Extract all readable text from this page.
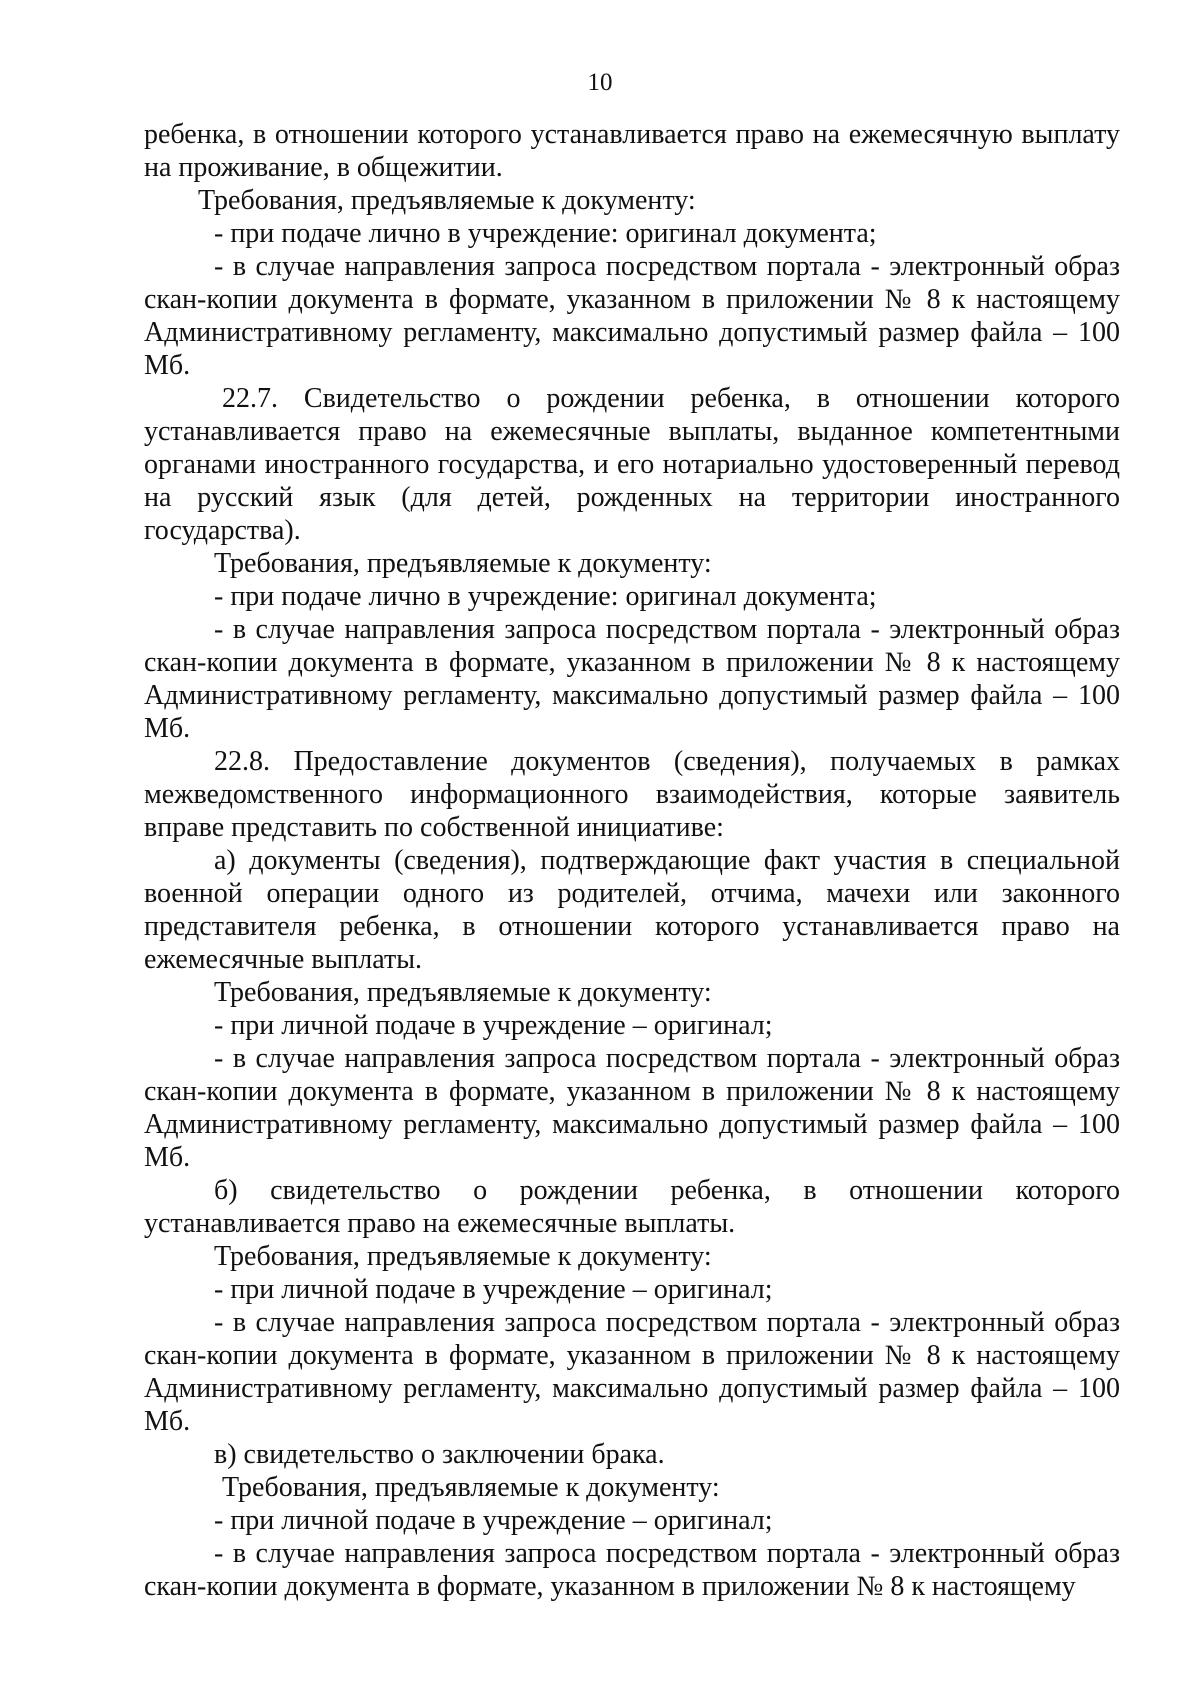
10

ребенка, в отношении которого устанавливается право на ежемесячную выплату на проживание, в общежитии.

Требования, предъявляемые к документу:

- при подаче лично в учреждение: оригинал документа;

- в случае направления запроса посредством портала - электронный образ скан-копии документа в формате, указанном в приложении № 8 к настоящему Административному регламенту, максимально допустимый размер файла – 100 Мб.

22.7. Свидетельство о рождении ребенка, в отношении которого устанавливается право на ежемесячные выплаты, выданное компетентными органами иностранного государства, и его нотариально удостоверенный перевод на русский язык (для детей, рожденных на территории иностранного государства).

Требования, предъявляемые к документу:

- при подаче лично в учреждение: оригинал документа;

- в случае направления запроса посредством портала - электронный образ скан-копии документа в формате, указанном в приложении № 8 к настоящему Административному регламенту, максимально допустимый размер файла – 100 Мб.

22.8. Предоставление документов (сведения), получаемых в рамках межведомственного информационного взаимодействия, которые заявитель вправе представить по собственной инициативе:

а) документы (сведения), подтверждающие факт участия в специальной военной операции одного из родителей, отчима, мачехи или законного представителя ребенка, в отношении которого устанавливается право на ежемесячные выплаты.

Требования, предъявляемые к документу:

- при личной подаче в учреждение – оригинал;

- в случае направления запроса посредством портала - электронный образ скан-копии документа в формате, указанном в приложении № 8 к настоящему Административному регламенту, максимально допустимый размер файла – 100 Мб.

б) свидетельство о рождении ребенка, в отношении которого устанавливается право на ежемесячные выплаты.

Требования, предъявляемые к документу:

- при личной подаче в учреждение – оригинал;

- в случае направления запроса посредством портала - электронный образ скан-копии документа в формате, указанном в приложении № 8 к настоящему Административному регламенту, максимально допустимый размер файла – 100 Мб.

в) свидетельство о заключении брака.

Требования, предъявляемые к документу:

- при личной подаче в учреждение – оригинал;

- в случае направления запроса посредством портала - электронный образ скан-копии документа в формате, указанном в приложении № 8 к настоящему
